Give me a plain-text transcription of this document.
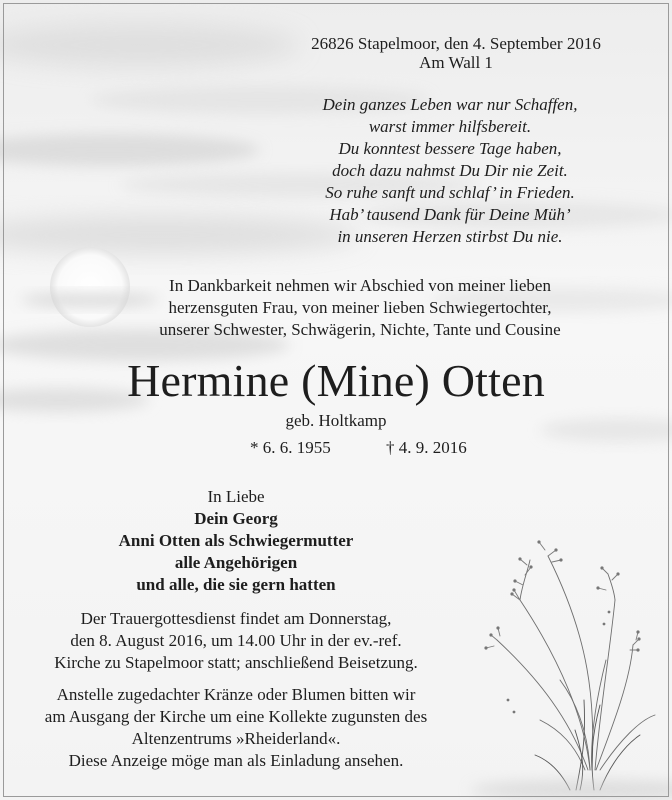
26826 Stapelmoor, den 4. September 2016
Am Wall 1
Dein ganzes Leben war nur Schaffen,
warst immer hilfsbereit.
Du konntest bessere Tage haben,
doch dazu nahmst Du Dir nie Zeit.
So ruhe sanft und schlaf’ in Frieden.
Hab’ tausend Dank für Deine Müh’
in unseren Herzen stirbst Du nie.
In Dankbarkeit nehmen wir Abschied von meiner lieben
herzensguten Frau, von meiner lieben Schwiegertochter,
unserer Schwester, Schwägerin, Nichte, Tante und Cousine
Hermine (Mine) Otten
geb. Holtkamp
* 6. 6. 1955	† 4. 9. 2016
In Liebe
Dein Georg
Anni Otten als Schwiegermutter
alle Angehörigen
und alle, die sie gern hatten
Der Trauergottesdienst findet am Donnerstag,
den 8. August 2016, um 14.00 Uhr in der ev.-ref.
Kirche zu Stapelmoor statt; anschließend Beisetzung.
Anstelle zugedachter Kränze oder Blumen bitten wir
am Ausgang der Kirche um eine Kollekte zugunsten des
Altenzentrums »Rheiderland«.
Diese Anzeige möge man als Einladung ansehen.
